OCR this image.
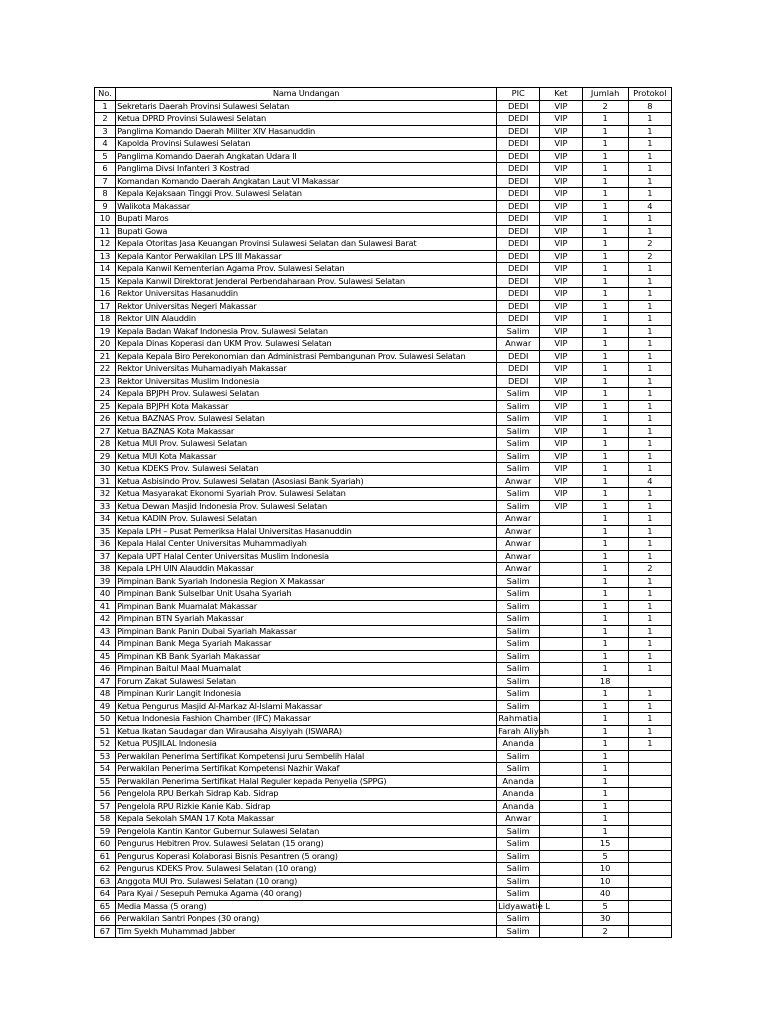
No.	Nama Undangan	PIC	Ket	Jumlah	Protokol
1	Sekretaris Daerah Provinsi Sulawesi Selatan	DEDI	VIP	2	8
2	Ketua DPRD Provinsi Sulawesi Selatan	DEDI	VIP	1	1
3	Panglima Komando Daerah Militer XIV Hasanuddin	DEDI	VIP	1	1
4	Kapolda Provinsi Sulawesi Selatan	DEDI	VIP	1	1
5	Panglima Komando Daerah Angkatan Udara II	DEDI	VIP	1	1
6	Panglima Divsi Infanteri 3 Kostrad	DEDI	VIP	1	1
7	Komandan Komando Daerah Angkatan Laut VI Makassar	DEDI	VIP	1	1
8	Kepala Kejaksaan Tinggi Prov. Sulawesi Selatan	DEDI	VIP	1	1
9	Walikota Makassar	DEDI	VIP	1	4
10	Bupati Maros	DEDI	VIP	1	1
11	Bupati Gowa	DEDI	VIP	1	1
12	Kepala Otoritas Jasa Keuangan Provinsi Sulawesi Selatan dan Sulawesi Barat	DEDI	VIP	1	2
13	Kepala Kantor Perwakilan LPS III Makassar	DEDI	VIP	1	2
14	Kepala Kanwil Kementerian Agama Prov. Sulawesi Selatan	DEDI	VIP	1	1
15	Kepala Kanwil Direktorat Jenderal Perbendaharaan Prov. Sulawesi Selatan	DEDI	VIP	1	1
16	Rektor Universitas Hasanuddin	DEDI	VIP	1	1
17	Rektor Universitas Negeri Makassar	DEDI	VIP	1	1
18	Rektor UIN Alauddin	DEDI	VIP	1	1
19	Kepala Badan Wakaf Indonesia Prov. Sulawesi Selatan	Salim	VIP	1	1
20	Kepala Dinas Koperasi dan UKM Prov. Sulawesi Selatan	Anwar	VIP	1	1
21	Kepala Kepala Biro Perekonomian dan Administrasi Pembangunan Prov. Sulawesi Selatan	DEDI	VIP	1	1
22	Rektor Universitas Muhamadiyah Makassar	DEDI	VIP	1	1
23	Rektor Universitas Muslim Indonesia	DEDI	VIP	1	1
24	Kepala BPJPH Prov. Sulawesi Selatan	Salim	VIP	1	1
25	Kepala BPJPH Kota Makassar	Salim	VIP	1	1
26	Ketua BAZNAS Prov. Sulawesi Selatan	Salim	VIP	1	1
27	Ketua BAZNAS Kota Makassar	Salim	VIP	1	1
28	Ketua MUI Prov. Sulawesi Selatan	Salim	VIP	1	1
29	Ketua MUI Kota Makassar	Salim	VIP	1	1
30	Ketua KDEKS Prov. Sulawesi Selatan	Salim	VIP	1	1
31	Ketua Asbisindo Prov. Sulawesi Selatan (Asosiasi Bank Syariah)	Anwar	VIP	1	4
32	Ketua Masyarakat Ekonomi Syariah Prov. Sulawesi Selatan	Salim	VIP	1	1
33	Ketua Dewan Masjid Indonesia Prov. Sulawesi Selatan	Salim	VIP	1	1
34	Ketua KADIN Prov. Sulawesi Selatan	Anwar		1	1
35	Kepala LPH – Pusat Pemeriksa Halal Universitas Hasanuddin	Anwar		1	1
36	Kepala Halal Center Universitas Muhammadiyah	Anwar		1	1
37	Kepala UPT Halal Center Universitas Muslim Indonesia	Anwar		1	1
38	Kepala LPH UIN Alauddin Makassar	Anwar		1	2
39	Pimpinan Bank Syariah Indonesia Region X Makassar	Salim		1	1
40	Pimpinan Bank Sulselbar Unit Usaha Syariah	Salim		1	1
41	Pimpinan Bank Muamalat Makassar	Salim		1	1
42	Pimpinan BTN Syariah Makassar	Salim		1	1
43	Pimpinan Bank Panin Dubai Syariah Makassar	Salim		1	1
44	Pimpinan Bank Mega Syariah Makassar	Salim		1	1
45	Pimpinan KB Bank Syariah Makassar	Salim		1	1
46	Pimpinan Baitul Maal Muamalat	Salim		1	1
47	Forum Zakat Sulawesi Selatan	Salim		18	
48	Pimpinan Kurir Langit Indonesia	Salim		1	1
49	Ketua Pengurus Masjid Al-Markaz Al-Islami Makassar	Salim		1	1
50	Ketua Indonesia Fashion Chamber (IFC) Makassar	Rahmatia		1	1
51	Ketua Ikatan Saudagar dan Wirausaha Aisyiyah (ISWARA)	Farah Aliyah		1	1
52	Ketua PUSJILAL Indonesia	Ananda		1	1
53	Perwakilan Penerima Sertifikat Kompetensi Juru Sembelih Halal	Salim		1	
54	Perwakilan Penerima Sertifikat Kompetensi Nazhir Wakaf	Salim		1	
55	Perwakilan Penerima Sertifikat Halal Reguler kepada Penyelia (SPPG)	Ananda		1	
56	Pengelola RPU Berkah Sidrap Kab. Sidrap	Ananda		1	
57	Pengelola RPU Rizkie Kanie Kab. Sidrap	Ananda		1	
58	Kepala Sekolah SMAN 17 Kota Makassar	Anwar		1	
59	Pengelola Kantin Kantor Gubernur Sulawesi Selatan	Salim		1	
60	Pengurus Hebitren Prov. Sulawesi Selatan (15 orang)	Salim		15	
61	Pengurus Koperasi Kolaborasi Bisnis Pesantren (5 orang)	Salim		5	
62	Pengurus KDEKS Prov. Sulawesi Selatan (10 orang)	Salim		10	
63	Anggota MUI Pro. Sulawesi Selatan (10 orang)	Salim		10	
64	Para Kyai / Sesepuh Pemuka Agama (40 orang)	Salim		40	
65	Media Massa (5 orang)	Lidyawatie L		5	
66	Perwakilan Santri Ponpes (30 orang)	Salim		30	
67	Tim Syekh Muhammad Jabber	Salim		2	
